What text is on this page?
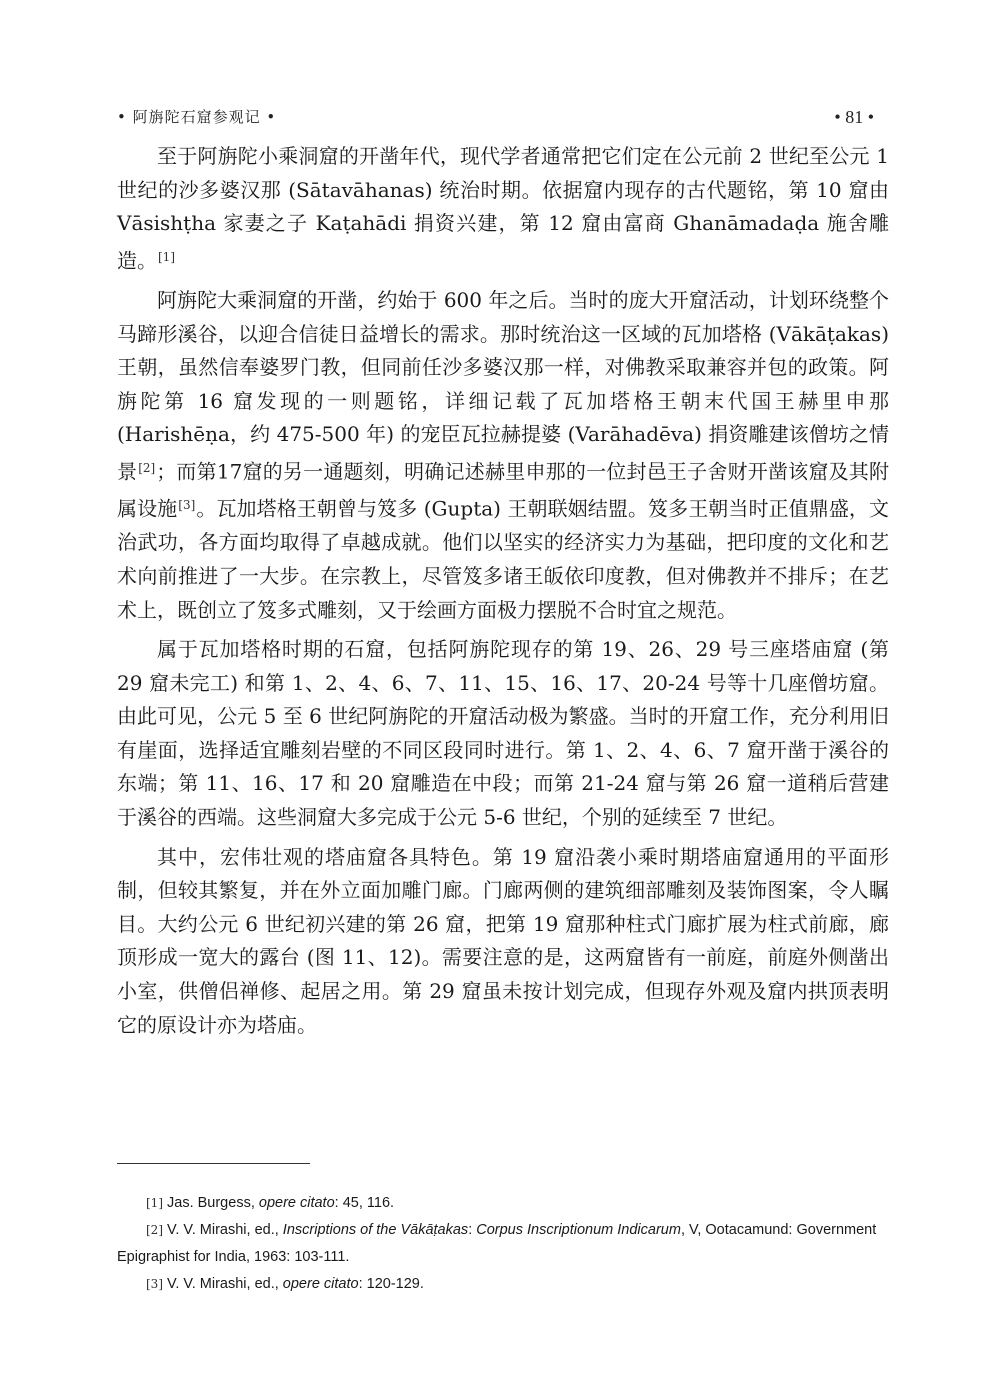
• 阿旃陀石窟参观记 •	• 81 •

至于阿旃陀小乘洞窟的开凿年代，现代学者通常把它们定在公元前 2 世纪至公元 1 世纪的沙多婆汉那 (Sātavāhanas) 统治时期。依据窟内现存的古代题铭，第 10 窟由 Vāsishṭha 家妻之子 Kaṭahādi 捐资兴建，第 12 窟由富商 Ghanāmadaḍa 施舍雕造。[1]

阿旃陀大乘洞窟的开凿，约始于 600 年之后。当时的庞大开窟活动，计划环绕整个马蹄形溪谷，以迎合信徒日益增长的需求。那时统治这一区域的瓦加塔格 (Vākāṭakas) 王朝，虽然信奉婆罗门教，但同前任沙多婆汉那一样，对佛教采取兼容并包的政策。阿旃陀第 16 窟发现的一则题铭，详细记载了瓦加塔格王朝末代国王赫里申那 (Harishēṇa，约 475-500 年) 的宠臣瓦拉赫提婆 (Varāhadēva) 捐资雕建该僧坊之情景[2]；而第17窟的另一通题刻，明确记述赫里申那的一位封邑王子舍财开凿该窟及其附属设施[3]。瓦加塔格王朝曾与笈多 (Gupta) 王朝联姻结盟。笈多王朝当时正值鼎盛，文治武功，各方面均取得了卓越成就。他们以坚实的经济实力为基础，把印度的文化和艺术向前推进了一大步。在宗教上，尽管笈多诸王皈依印度教，但对佛教并不排斥；在艺术上，既创立了笈多式雕刻，又于绘画方面极力摆脱不合时宜之规范。

属于瓦加塔格时期的石窟，包括阿旃陀现存的第 19、26、29 号三座塔庙窟 (第 29 窟未完工) 和第 1、2、4、6、7、11、15、16、17、20-24 号等十几座僧坊窟。由此可见，公元 5 至 6 世纪阿旃陀的开窟活动极为繁盛。当时的开窟工作，充分利用旧有崖面，选择适宜雕刻岩壁的不同区段同时进行。第 1、2、4、6、7 窟开凿于溪谷的东端；第 11、16、17 和 20 窟雕造在中段；而第 21-24 窟与第 26 窟一道稍后营建于溪谷的西端。这些洞窟大多完成于公元 5-6 世纪，个别的延续至 7 世纪。

其中，宏伟壮观的塔庙窟各具特色。第 19 窟沿袭小乘时期塔庙窟通用的平面形制，但较其繁复，并在外立面加雕门廊。门廊两侧的建筑细部雕刻及装饰图案，令人瞩目。大约公元 6 世纪初兴建的第 26 窟，把第 19 窟那种柱式门廊扩展为柱式前廊，廊顶形成一宽大的露台 (图 11、12)。需要注意的是，这两窟皆有一前庭，前庭外侧凿出小室，供僧侣禅修、起居之用。第 29 窟虽未按计划完成，但现存外观及窟内拱顶表明它的原设计亦为塔庙。

[1] Jas. Burgess, opere citato: 45, 116.

[2] V. V. Mirashi, ed., Inscriptions of the Vākāṭakas: Corpus Inscriptionum Indicarum, V, Ootacamund: Government Epigraphist for India, 1963: 103-111.

[3] V. V. Mirashi, ed., opere citato: 120-129.
